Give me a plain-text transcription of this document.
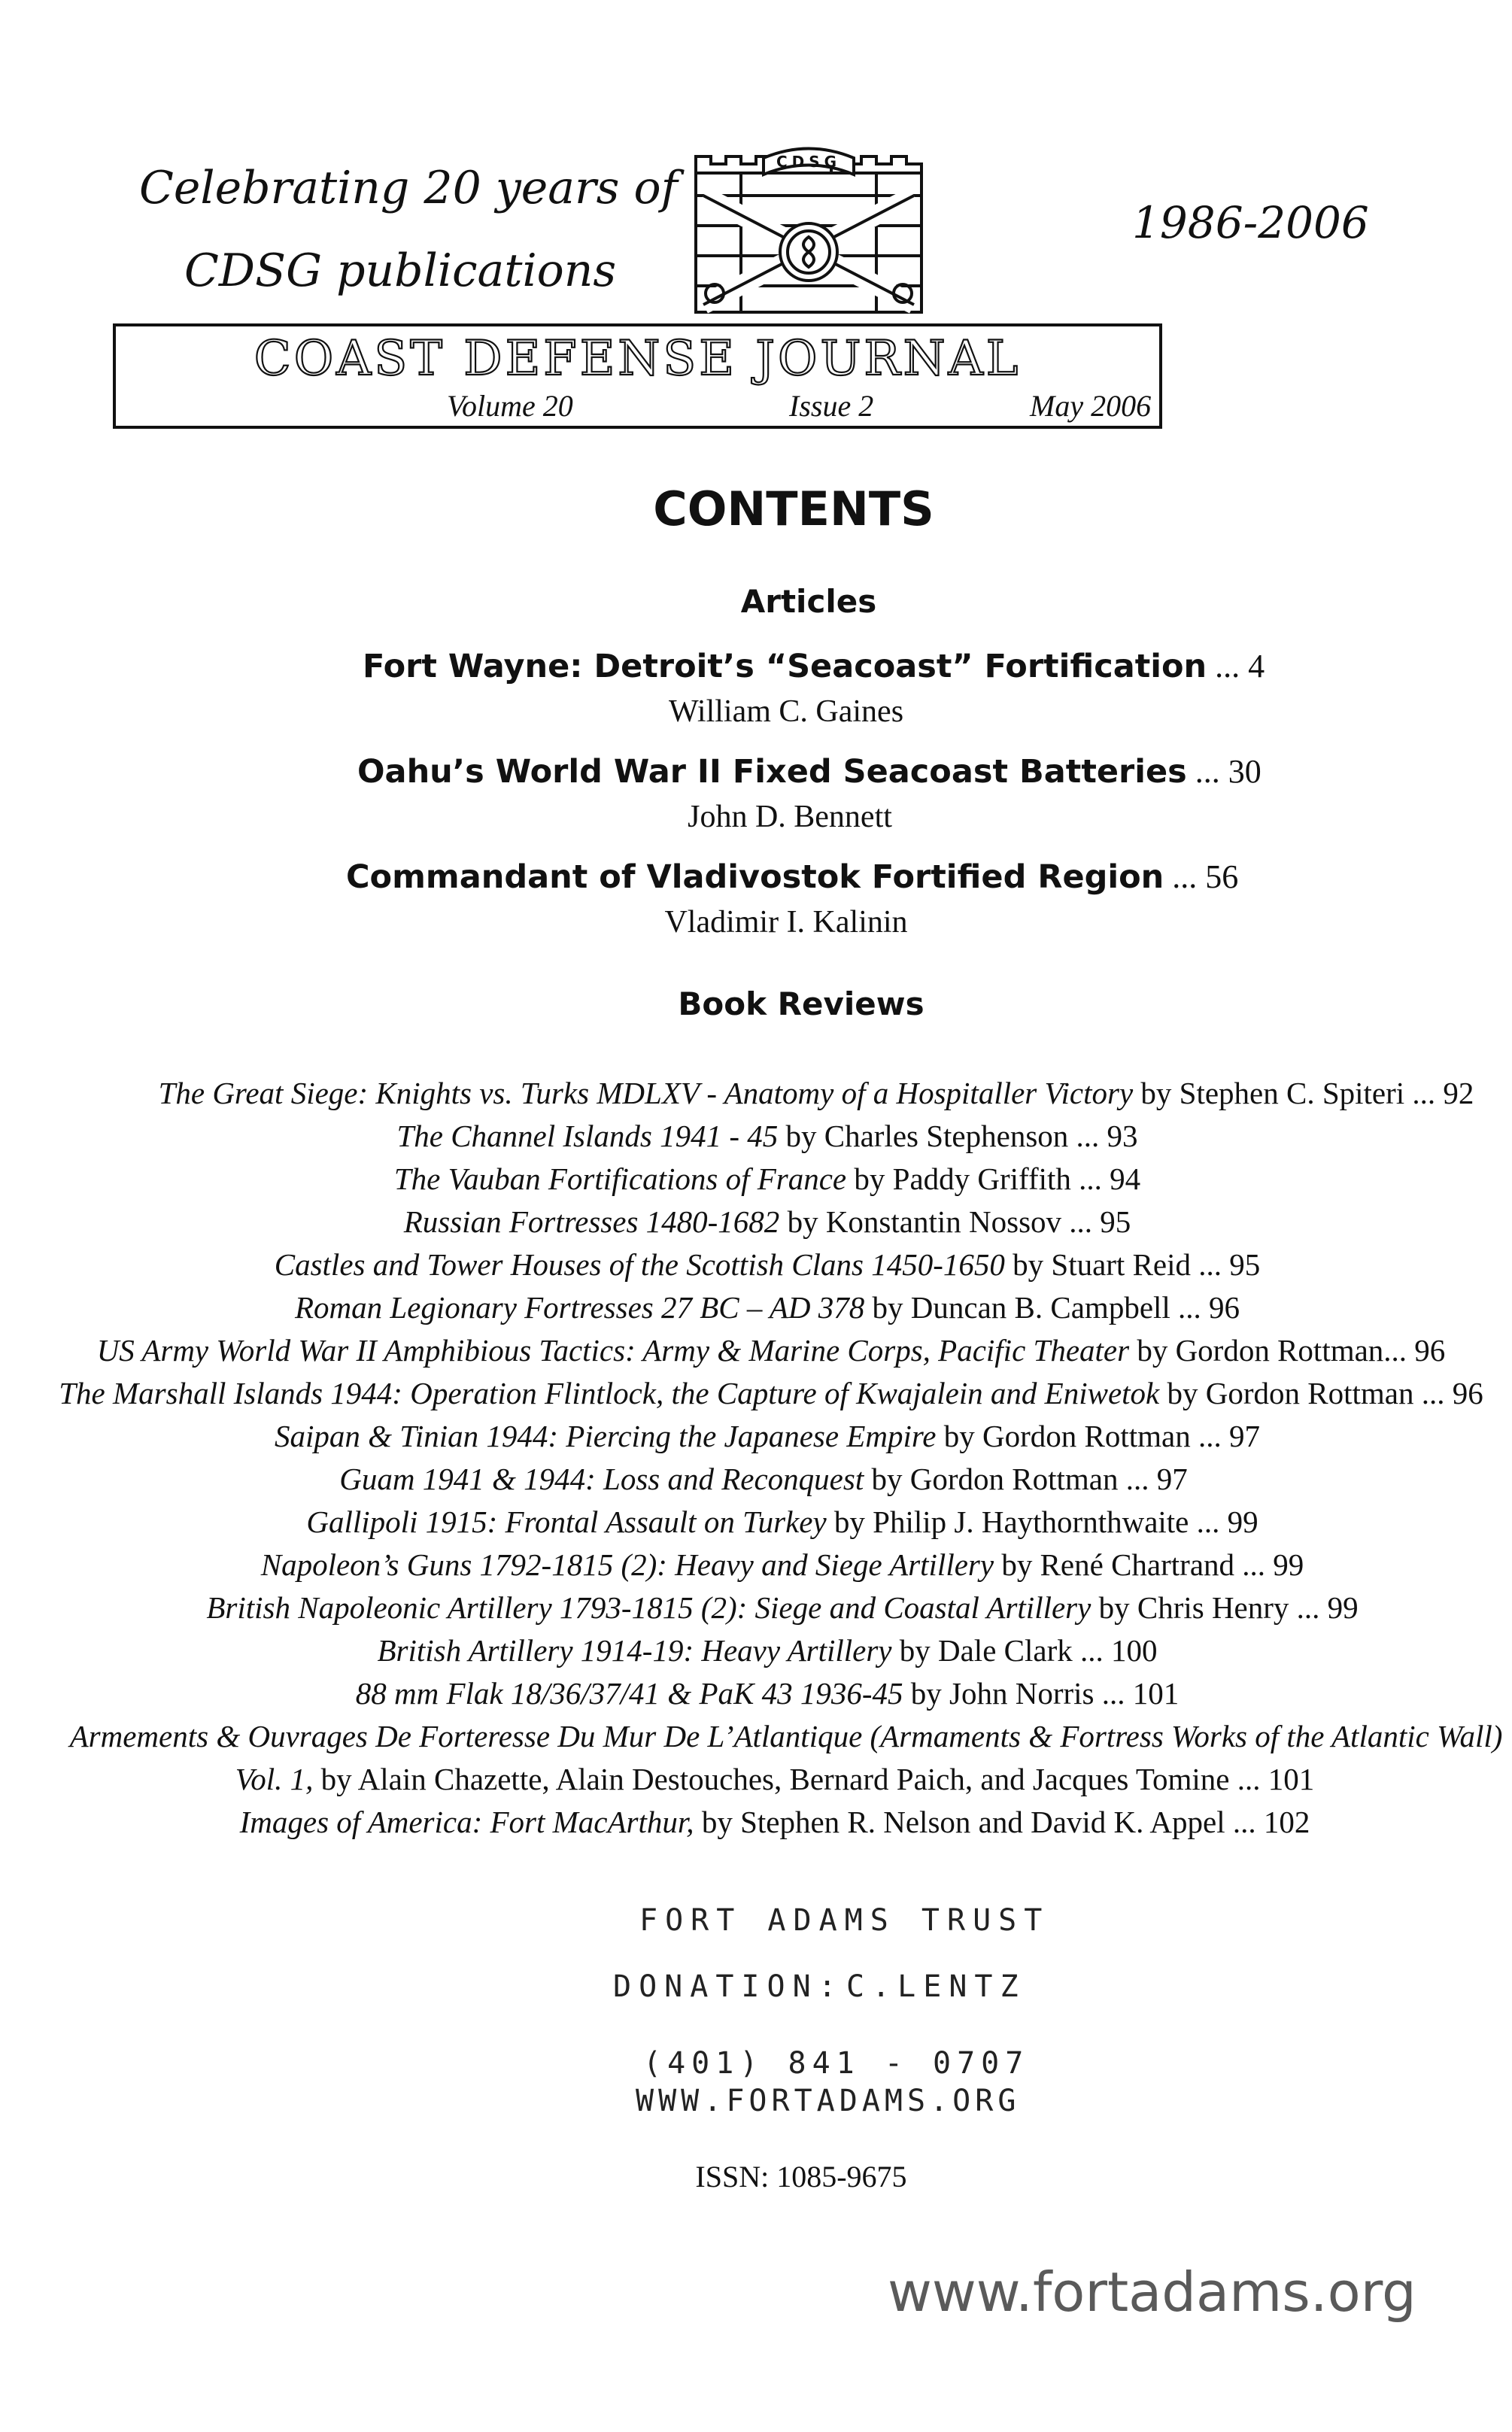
Celebrating 20 years of
CDSG publications
1986-2006
CDSG
COAST DEFENSE JOURNAL
Volume 20	Issue 2	May 2006
CONTENTS
Articles
Fort Wayne: Detroit’s “Seacoast” Fortification ... 4
William C. Gaines
Oahu’s World War II Fixed Seacoast Batteries ... 30
John D. Bennett
Commandant of Vladivostok Fortified Region ... 56
Vladimir I. Kalinin
Book Reviews
The Great Siege: Knights vs. Turks MDLXV - Anatomy of a Hospitaller Victory by Stephen C. Spiteri ... 92
The Channel Islands 1941 - 45 by Charles Stephenson ... 93
The Vauban Fortifications of France by Paddy Griffith ... 94
Russian Fortresses 1480-1682 by Konstantin Nossov ... 95
Castles and Tower Houses of the Scottish Clans 1450-1650 by Stuart Reid ... 95
Roman Legionary Fortresses 27 BC – AD 378 by Duncan B. Campbell ... 96
US Army World War II Amphibious Tactics: Army & Marine Corps, Pacific Theater by Gordon Rottman... 96
The Marshall Islands 1944: Operation Flintlock, the Capture of Kwajalein and Eniwetok by Gordon Rottman ... 96
Saipan & Tinian 1944: Piercing the Japanese Empire by Gordon Rottman ... 97
Guam 1941 & 1944: Loss and Reconquest by Gordon Rottman ... 97
Gallipoli 1915: Frontal Assault on Turkey by Philip J. Haythornthwaite ... 99
Napoleon’s Guns 1792-1815 (2): Heavy and Siege Artillery by René Chartrand ... 99
British Napoleonic Artillery 1793-1815 (2): Siege and Coastal Artillery by Chris Henry ... 99
British Artillery 1914-19: Heavy Artillery by Dale Clark ... 100
88 mm Flak 18/36/37/41 & PaK 43 1936-45 by John Norris ... 101
Armements & Ouvrages De Forteresse Du Mur De L’Atlantique (Armaments & Fortress Works of the Atlantic Wall)
Vol. 1, by Alain Chazette, Alain Destouches, Bernard Paich, and Jacques Tomine ... 101
Images of America: Fort MacArthur, by Stephen R. Nelson and David K. Appel ... 102
FORT ADAMS TRUST
DONATION: C.LENTZ
(401) 841 - 0707
WWW.FORTADAMS.ORG
ISSN: 1085-9675
www.fortadams.org
